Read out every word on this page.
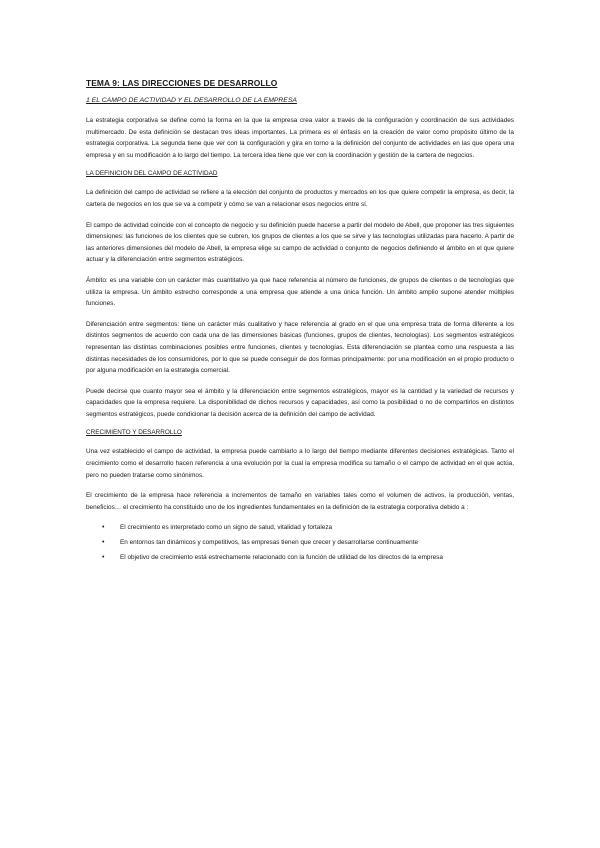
TEMA 9: LAS DIRECCIONES DE DESARROLLO
1 EL CAMPO DE ACTIVIDAD Y EL DESARROLLO DE LA EMPRESA

La estrategia corporativa se define como la forma en la que la empresa crea valor a través de la configuración y coordinación de sus actividades multimercado. De esta definición se destacan tres ideas importantes. La primera es el énfasis en la creación de valor como propósito último de la estrategia corporativa. La segunda tiene que ver con la configuración y gira en torno a la definición del conjunto de actividades en las que opera una empresa y en su modificación a lo largo del tiempo. La tercera idea tiene que ver con la coordinación y gestión de la cartera de negocios.

LA DEFINICION DEL CAMPO DE ACTIVIDAD

La definición del campo de actividad se refiere a la elección del conjunto de productos y mercados en los que quiere competir la empresa, es decir, la cartera de negocios en los que se va a competir y cómo se van a relacionar esos negocios entre sí.

El campo de actividad coincide con el concepto de negocio y su definición puede hacerse a partir del modelo de Abell, que proponer las tres siguientes dimensiones: las funciones de los clientes que se cubren, los grupos de clientes a los que se sirve y las tecnologías utilizadas para hacerlo. A partir de las anteriores dimensiones del modelo de Abell, la empresa elige su campo de actividad o conjunto de negocios definiendo el ámbito en el que quiere actuar y la diferenciación entre segmentos estratégicos.

Ámbito: es una variable con un carácter más cuantitativo ya que hace referencia al número de funciones, de grupos de clientes o de tecnologías que utiliza la empresa. Un ámbito estrecho corresponde a una empresa que atiende a una única función. Un ámbito amplio supone atender múltiples funciones.

Diferenciación entre segmentos: tiene un carácter más cualitativo y hace referencia al grado en el que una empresa trata de forma diferente a los distintos segmentos de acuerdo con cada una de las dimensiones básicas (funciones, grupos de clientes, tecnologías). Los segmentos estratégicos representan las distintas combinaciones posibles entre funciones, clientes y tecnologías. Esta diferenciación se plantea como una respuesta a las distintas necesidades de los consumidores, por lo que se puede conseguir de dos formas principalmente: por una modificación en el propio producto o por alguna modificación en la estrategia comercial.

Puede decirse que cuanto mayor sea el ámbito y la diferenciación entre segmentos estratégicos, mayor es la cantidad y la variedad de recursos y capacidades que la empresa requiere. La disponibilidad de dichos recursos y capacidades, así como la posibilidad o no de compartirlos en distintos segmentos estratégicos, puede condicionar la decisión acerca de la definición del campo de actividad.

CRECIMIENTO Y DESARROLLO

Una vez establecido el campo de actividad, la empresa puede cambiarlo a lo largo del tiempo mediante diferentes decisiones estratégicas. Tanto el crecimiento como el desarrollo hacen referencia a una evolución por la cual la empresa modifica su tamaño o el campo de actividad en el que actúa, pero no pueden tratarse como sinónimos.

El crecimiento de la empresa hace referencia a incrementos de tamaño en variables tales como el volumen de activos, la producción, ventas, beneficios… el crecimiento ha constituido uno de los ingredientes fundamentales en la definición de la estrategia corporativa debido a :

• El crecimiento es interpretado como un signo de salud, vitalidad y fortaleza
• En entornos tan dinámicos y competitivos, las empresas tienen que crecer y desarrollarse continuamente
• El objetivo de crecimiento está estrechamente relacionado con la función de utilidad de los directos de la empresa
